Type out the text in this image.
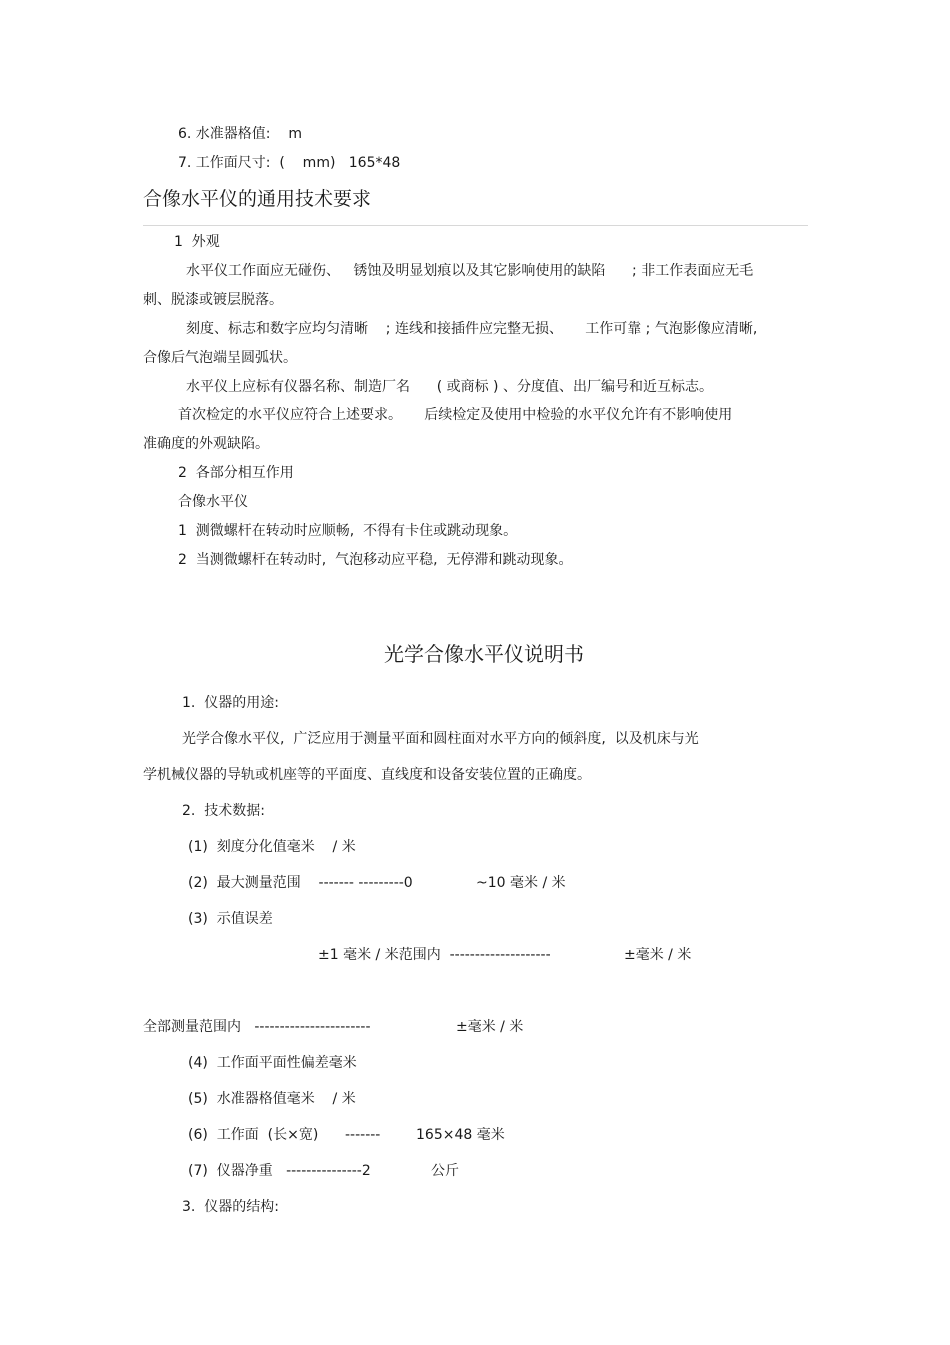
6. 水准器格值:    m
7. 工作面尺寸:  (    mm)   165*48
合像水平仪的通用技术要求
1  外观
水平仪工作面应无碰伤、   锈蚀及明显划痕以及其它影响使用的缺陷      ; 非工作表面应无毛
刺、脱漆或镀层脱落。
刻度、标志和数字应均匀清晰    ; 连线和接插件应完整无损、     工作可靠 ; 气泡影像应清晰,
合像后气泡端呈圆弧状。
水平仪上应标有仪器名称、制造厂名      ( 或商标 ) 、分度值、出厂编号和近互标志。
首次检定的水平仪应符合上述要求。     后续检定及使用中检验的水平仪允许有不影响使用
准确度的外观缺陷。
2  各部分相互作用
合像水平仪
1  测微螺杆在转动时应顺畅,  不得有卡住或跳动现象。
2  当测微螺杆在转动时,  气泡移动应平稳,  无停滞和跳动现象。
光学合像水平仪说明书
1.  仪器的用途:
光学合像水平仪,  广泛应用于测量平面和圆柱面对水平方向的倾斜度,  以及机床与光
学机械仪器的导轨或机座等的平面度、直线度和设备安装位置的正确度。
2.  技术数据:
(1)  刻度分化值毫米    / 米
(2)  最大测量范围    ------- ---------0	~10 毫米 / 米
(3)  示值误差
±1 毫米 / 米范围内  --------------------	±毫米 / 米
全部测量范围内   -----------------------	±毫米 / 米
(4)  工作面平面性偏差毫米
(5)  水准器格值毫米    / 米
(6)  工作面  (长×宽)      -------	165×48 毫米
(7)  仪器净重   ---------------2	公斤
3.  仪器的结构:
